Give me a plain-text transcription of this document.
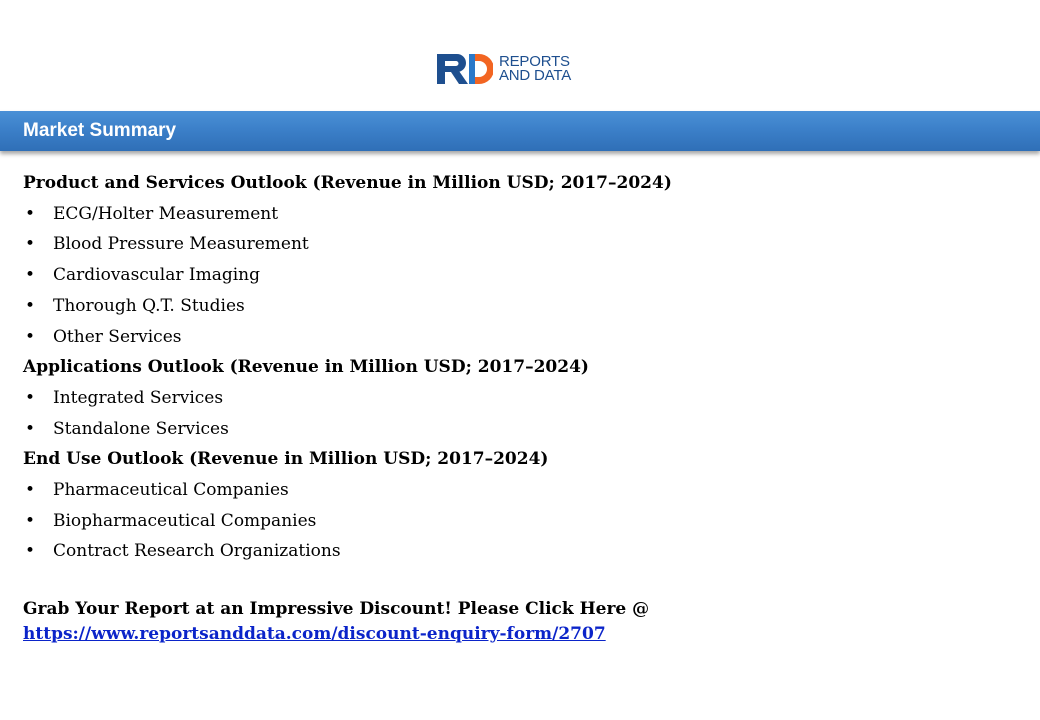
REPORTS
AND DATA
Market Summary
Product and Services Outlook (Revenue in Million USD; 2017–2024)
• ECG/Holter Measurement
• Blood Pressure Measurement
• Cardiovascular Imaging
• Thorough Q.T. Studies
• Other Services
Applications Outlook (Revenue in Million USD; 2017–2024)
• Integrated Services
• Standalone Services
End Use Outlook (Revenue in Million USD; 2017–2024)
• Pharmaceutical Companies
• Biopharmaceutical Companies
• Contract Research Organizations
Grab Your Report at an Impressive Discount! Please Click Here @
https://www.reportsanddata.com/discount-enquiry-form/2707
